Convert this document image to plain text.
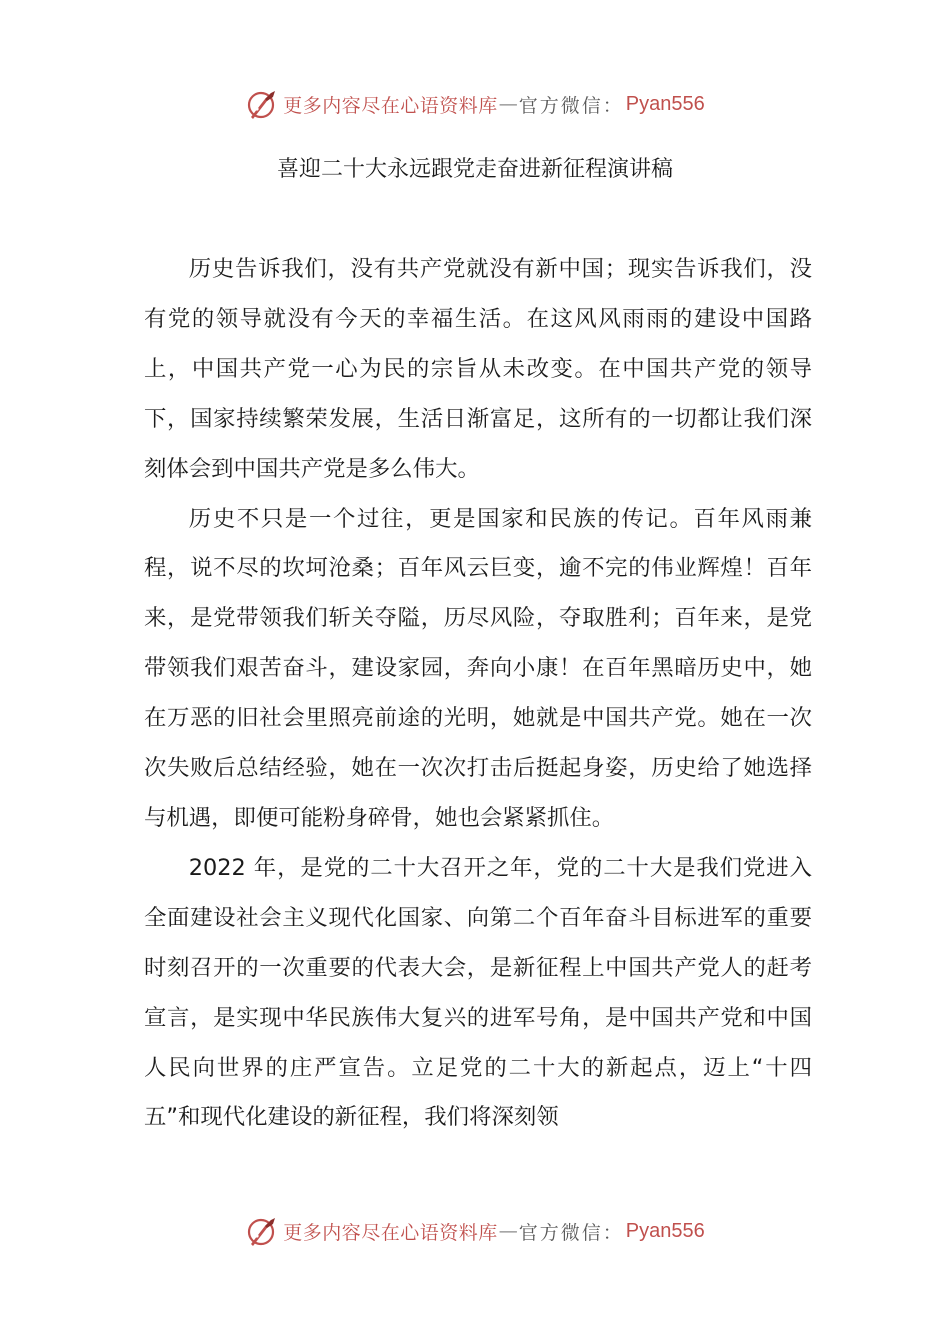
更多内容尽在心语资料库 — 官方微信： Pyan556
喜迎二十大永远跟党走奋进新征程演讲稿

历史告诉我们，没有共产党就没有新中国；现实告诉我们，没有党的领导就没有今天的幸福生活。在这风风雨雨的建设中国路上，中国共产党一心为民的宗旨从未改变。在中国共产党的领导下，国家持续繁荣发展，生活日渐富足，这所有的一切都让我们深刻体会到中国共产党是多么伟大。

历史不只是一个过往，更是国家和民族的传记。百年风雨兼程，说不尽的坎坷沧桑；百年风云巨变，逾不完的伟业辉煌！百年来，是党带领我们斩关夺隘，历尽风险，夺取胜利；百年来，是党带领我们艰苦奋斗，建设家园，奔向小康！在百年黑暗历史中，她在万恶的旧社会里照亮前途的光明，她就是中国共产党。她在一次次失败后总结经验，她在一次次打击后挺起身姿，历史给了她选择与机遇，即便可能粉身碎骨，她也会紧紧抓住。

2022 年，是党的二十大召开之年，党的二十大是我们党进入全面建设社会主义现代化国家、向第二个百年奋斗目标进军的重要时刻召开的一次重要的代表大会，是新征程上中国共产党人的赶考宣言，是实现中华民族伟大复兴的进军号角，是中国共产党和中国人民向世界的庄严宣告。立足党的二十大的新起点，迈上“十四五”和现代化建设的新征程，我们将深刻领

更多内容尽在心语资料库 — 官方微信： Pyan556
